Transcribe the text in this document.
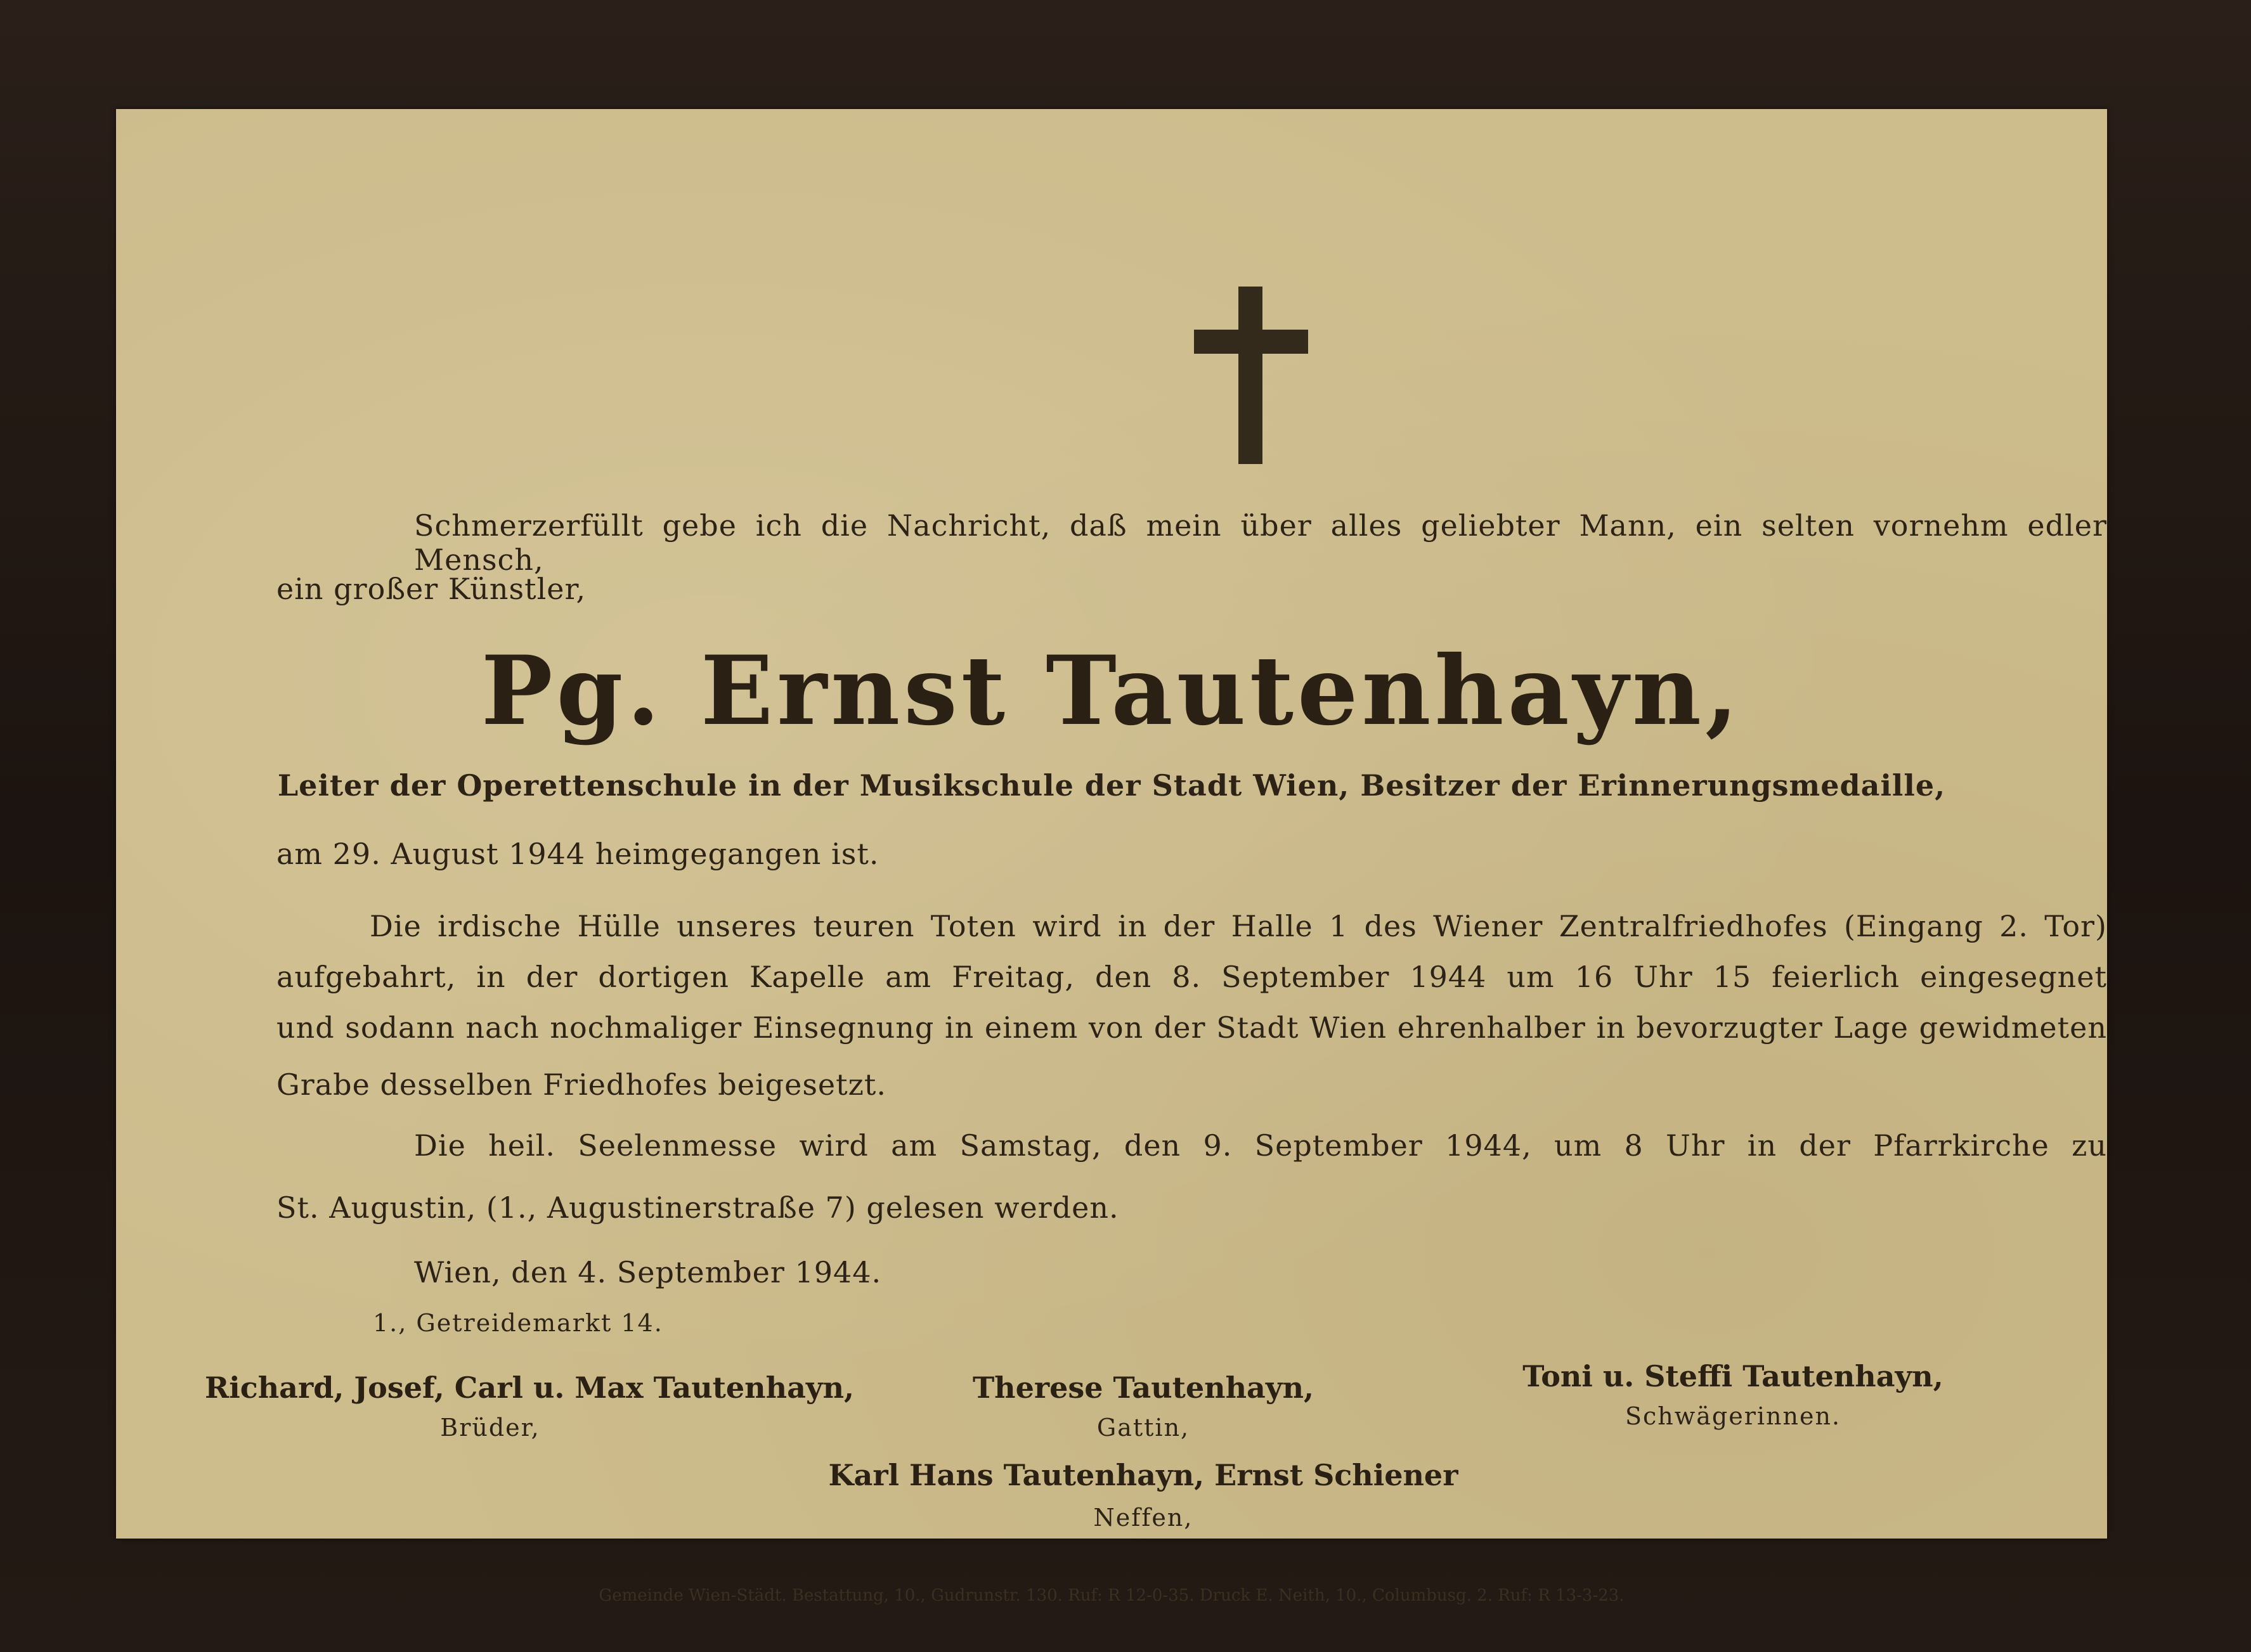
Schmerzerfüllt gebe ich die Nachricht, daß mein über alles geliebter Mann, ein selten vornehm edler Mensch,
ein großer Künstler,
Pg. Ernst Tautenhayn,
Leiter der Operettenschule in der Musikschule der Stadt Wien, Besitzer der Erinnerungsmedaille,
am 29. August 1944 heimgegangen ist.
Die irdische Hülle unseres teuren Toten wird in der Halle 1 des Wiener Zentralfriedhofes (Eingang 2. Tor)
aufgebahrt, in der dortigen Kapelle am Freitag, den 8. September 1944 um 16 Uhr 15 feierlich eingesegnet
und sodann nach nochmaliger Einsegnung in einem von der Stadt Wien ehrenhalber in bevorzugter Lage gewidmeten
Grabe desselben Friedhofes beigesetzt.
Die heil. Seelenmesse wird am Samstag, den 9. September 1944, um 8 Uhr in der Pfarrkirche zu
St. Augustin, (1., Augustinerstraße 7) gelesen werden.
Wien, den 4. September 1944.
1., Getreidemarkt 14.
Richard, Josef, Carl u. Max Tautenhayn,
Brüder,
Therese Tautenhayn,
Gattin,
Toni u. Steffi Tautenhayn,
Schwägerinnen.
Karl Hans Tautenhayn, Ernst Schiener
Neffen,
Gemeinde Wien-Städt. Bestattung, 10., Gudrunstr. 130. Ruf: R 12-0-35. Druck E. Neith, 10., Columbusg. 2. Ruf: R 13-3-23.
